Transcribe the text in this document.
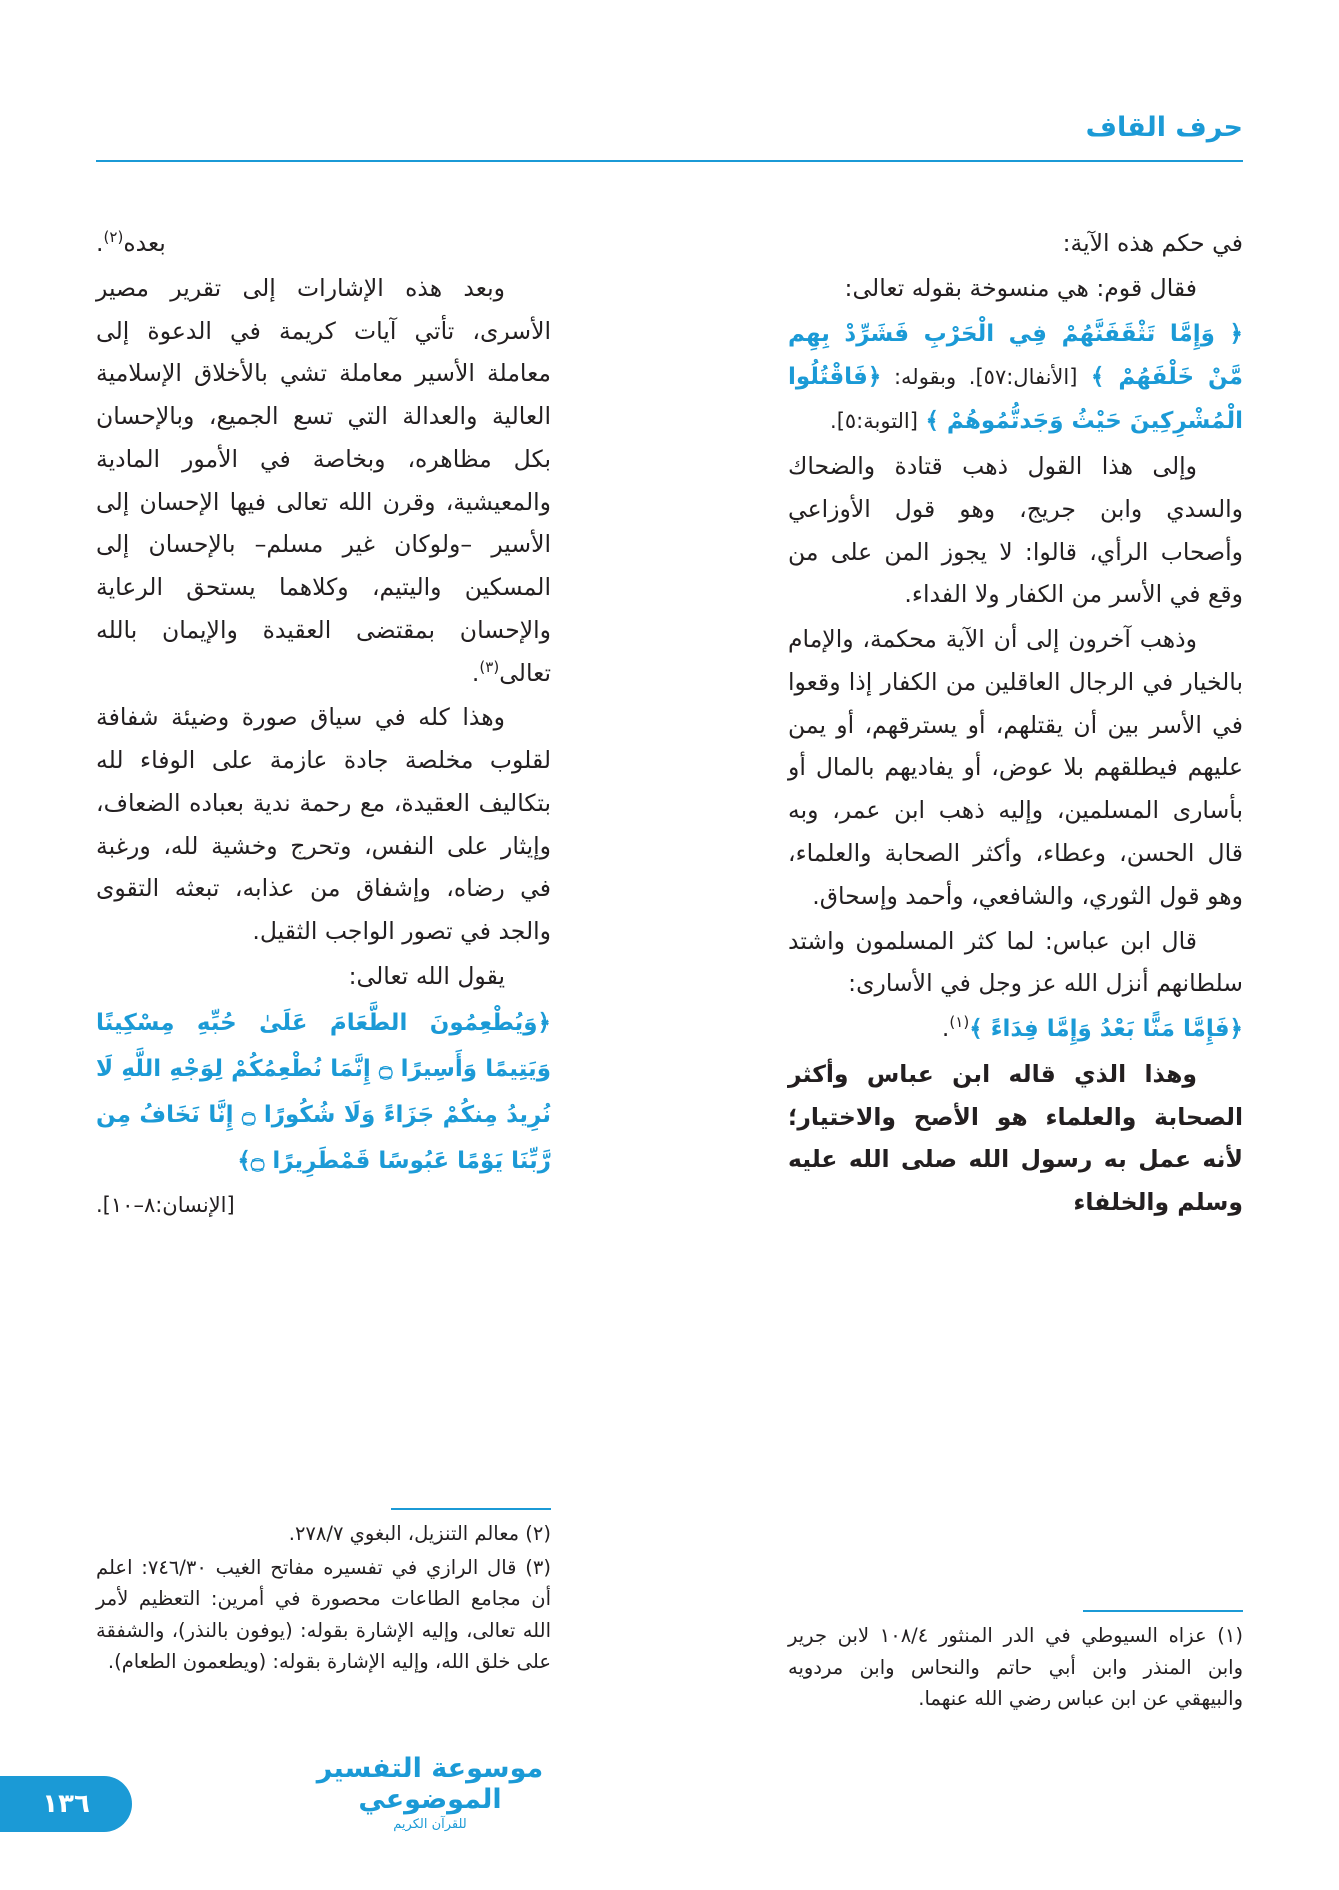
حرف القاف

في حكم هذه الآية:

فقال قوم: هي منسوخة بقوله تعالى:

﴿ وَإِمَّا تَثْقَفَنَّهُمْ فِي الْحَرْبِ فَشَرِّدْ بِهِم مَّنْ خَلْفَهُمْ ﴾ [الأنفال:٥٧]. وبقوله: ﴿فَاقْتُلُوا الْمُشْرِكِينَ حَيْثُ وَجَدتُّمُوهُمْ ﴾ [التوبة:٥].

وإلى هذا القول ذهب قتادة والضحاك والسدي وابن جريج، وهو قول الأوزاعي وأصحاب الرأي، قالوا: لا يجوز المن على من وقع في الأسر من الكفار ولا الفداء.

وذهب آخرون إلى أن الآية محكمة، والإمام بالخيار في الرجال العاقلين من الكفار إذا وقعوا في الأسر بين أن يقتلهم، أو يسترقهم، أو يمن عليهم فيطلقهم بلا عوض، أو يفاديهم بالمال أو بأسارى المسلمين، وإليه ذهب ابن عمر، وبه قال الحسن، وعطاء، وأكثر الصحابة والعلماء، وهو قول الثوري، والشافعي، وأحمد وإسحاق.

قال ابن عباس: لما كثر المسلمون واشتد سلطانهم أنزل الله عز وجل في الأسارى:

﴿فَإِمَّا مَنًّا بَعْدُ وَإِمَّا فِدَاءً ﴾$^{(١)}$.

وهذا الذي قاله ابن عباس وأكثر الصحابة والعلماء هو الأصح والاختيار؛ لأنه عمل به رسول الله صلى الله عليه وسلم والخلفاء

بعده$^{(٢)}$.

وبعد هذه الإشارات إلى تقرير مصير الأسرى، تأتي آيات كريمة في الدعوة إلى معاملة الأسير معاملة تشي بالأخلاق الإسلامية العالية والعدالة التي تسع الجميع، وبالإحسان بكل مظاهره، وبخاصة في الأمور المادية والمعيشية، وقرن الله تعالى فيها الإحسان إلى الأسير –ولوكان غير مسلم– بالإحسان إلى المسكين واليتيم، وكلاهما يستحق الرعاية والإحسان بمقتضى العقيدة والإيمان بالله تعالى$^{(٣)}$.

وهذا كله في سياق صورة وضيئة شفافة لقلوب مخلصة جادة عازمة على الوفاء لله بتكاليف العقيدة، مع رحمة ندية بعباده الضعاف، وإيثار على النفس، وتحرج وخشية لله، ورغبة في رضاه، وإشفاق من عذابه، تبعثه التقوى والجد في تصور الواجب الثقيل.

يقول الله تعالى:

﴿وَيُطْعِمُونَ الطَّعَامَ عَلَىٰ حُبِّهِ مِسْكِينًا وَيَتِيمًا وَأَسِيرًا ۝ إِنَّمَا نُطْعِمُكُمْ لِوَجْهِ اللَّهِ لَا نُرِيدُ مِنكُمْ جَزَاءً وَلَا شُكُورًا ۝ إِنَّا نَخَافُ مِن رَّبِّنَا يَوْمًا عَبُوسًا قَمْطَرِيرًا ۝﴾

[الإنسان:٨–١٠].

(١) عزاه السيوطي في الدر المنثور ١٠٨/٤ لابن جرير وابن المنذر وابن أبي حاتم والنحاس وابن مردويه والبيهقي عن ابن عباس رضي الله عنهما.
(٢) معالم التنزيل، البغوي ٢٧٨/٧.
(٣) قال الرازي في تفسيره مفاتح الغيب ٧٤٦/٣٠: اعلم أن مجامع الطاعات محصورة في أمرين: التعظيم لأمر الله تعالى، وإليه الإشارة بقوله: (يوفون بالنذر)، والشفقة على خلق الله، وإليه الإشارة بقوله: (ويطعمون الطعام).
موسوعة التفسير الموضوعي
للقرآن الكريم
١٣٦
